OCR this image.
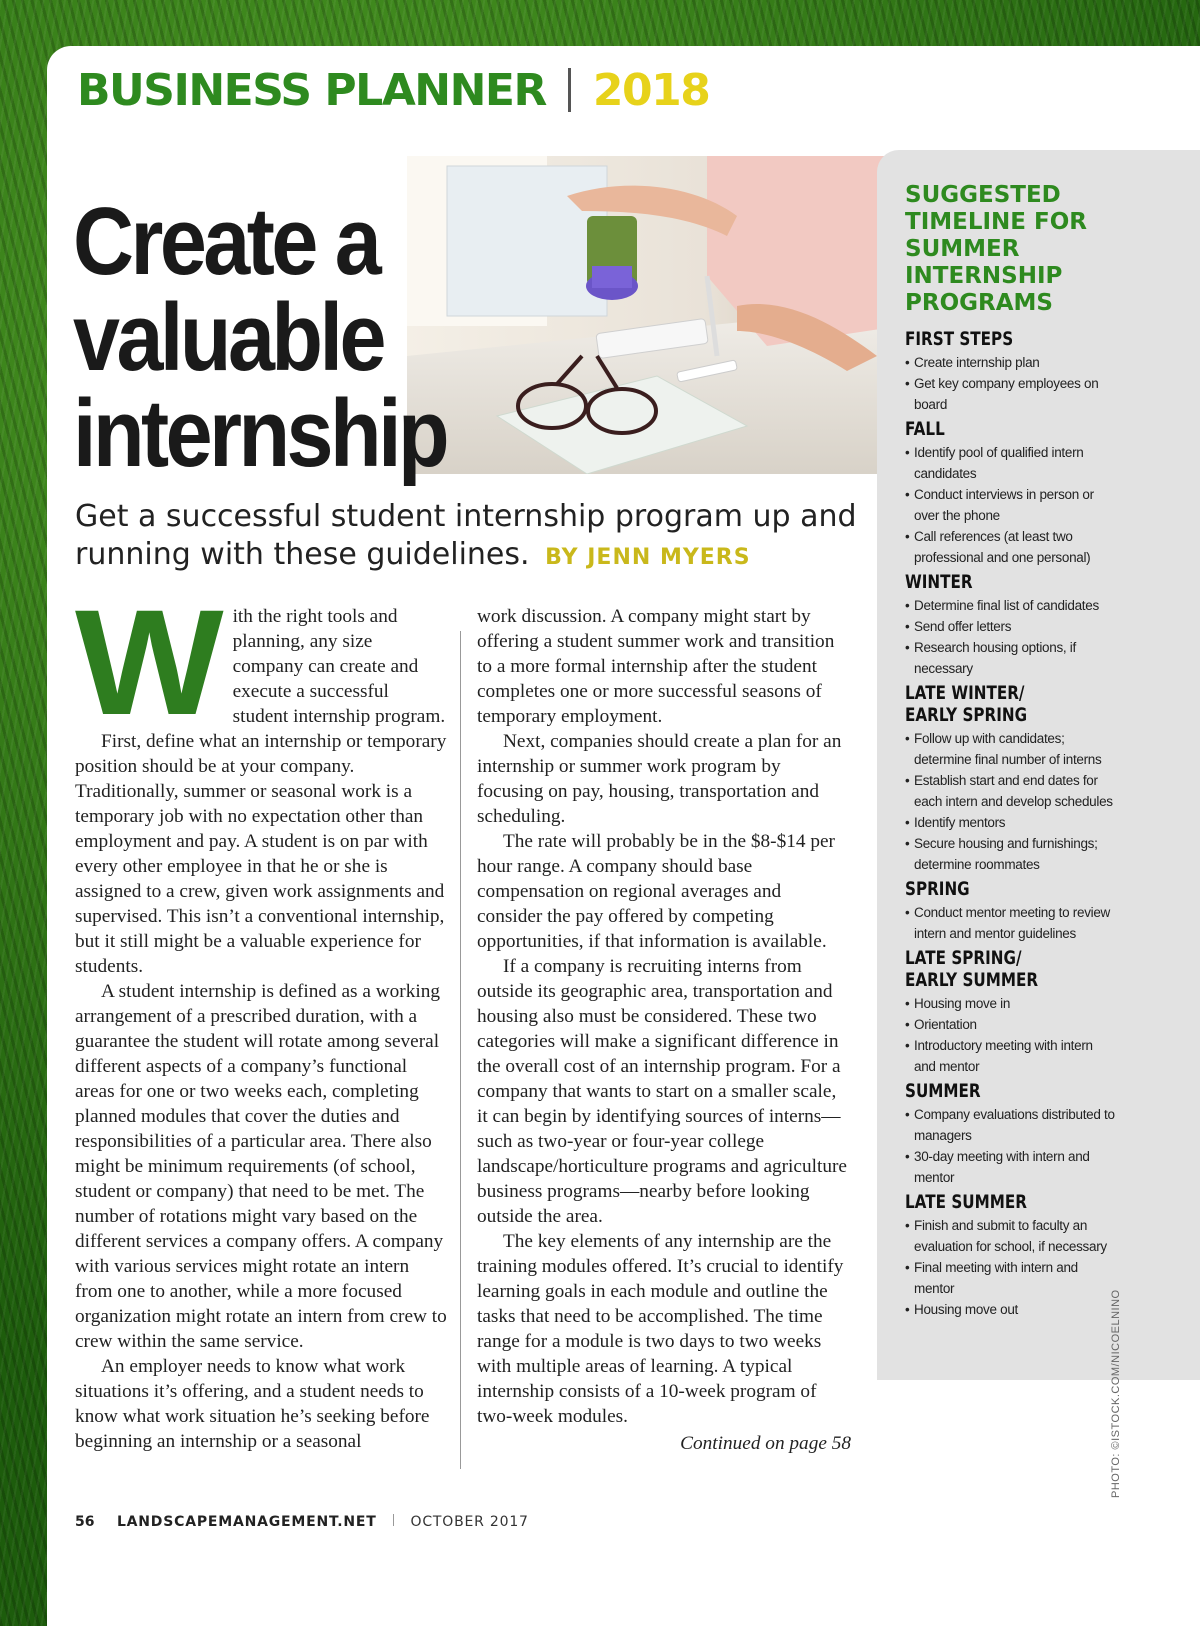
BUSINESS PLANNER 2018
Create a
valuable
internship
Get a successful student internship program up and running with these guidelines. BY JENN MYERS

With the right tools and planning, any size company can create and execute a successful student internship program.

First, define what an internship or temporary position should be at your company. Traditionally, summer or seasonal work is a temporary job with no expectation other than employment and pay. A student is on par with every other employee in that he or she is assigned to a crew, given work assignments and supervised. This isn’t a conventional internship, but it still might be a valuable experience for students.

A student internship is defined as a working arrangement of a prescribed duration, with a guarantee the student will rotate among several different aspects of a company’s functional areas for one or two weeks each, completing planned modules that cover the duties and responsibilities of a particular area. There also might be minimum requirements (of school, student or company) that need to be met. The number of rotations might vary based on the different services a company offers. A company with various services might rotate an intern from one to another, while a more focused organization might rotate an intern from crew to crew within the same service.

An employer needs to know what work situations it’s offering, and a student needs to know what work situation he’s seeking before beginning an internship or a seasonal

work discussion. A company might start by offering a student summer work and transition to a more formal internship after the student completes one or more successful seasons of temporary employment.

Next, companies should create a plan for an internship or summer work program by focusing on pay, housing, transportation and scheduling.

The rate will probably be in the $8-$14 per hour range. A company should base compensation on regional averages and consider the pay offered by competing opportunities, if that information is available.

If a company is recruiting interns from outside its geographic area, transportation and housing also must be considered. These two categories will make a significant difference in the overall cost of an internship program. For a company that wants to start on a smaller scale, it can begin by identifying sources of interns—such as two-year or four-year college landscape/horticulture programs and agriculture business programs—nearby before looking outside the area.

The key elements of any internship are the training modules offered. It’s crucial to identify learning goals in each module and outline the tasks that need to be accomplished. The time range for a module is two days to two weeks with multiple areas of learning. A typical internship consists of a 10-week program of two-week modules.

Continued on page 58
SUGGESTED TIMELINE FOR SUMMER INTERNSHIP PROGRAMS
FIRST STEPS
• Create internship plan
• Get key company employees on board
FALL
• Identify pool of qualified intern candidates
• Conduct interviews in person or over the phone
• Call references (at least two professional and one personal)
WINTER
• Determine final list of candidates
• Send offer letters
• Research housing options, if necessary
LATE WINTER/
EARLY SPRING
• Follow up with candidates; determine final number of interns
• Establish start and end dates for each intern and develop schedules
• Identify mentors
• Secure housing and furnishings; determine roommates
SPRING
• Conduct mentor meeting to review intern and mentor guidelines
LATE SPRING/
EARLY SUMMER
• Housing move in
• Orientation
• Introductory meeting with intern and mentor
SUMMER
• Company evaluations distributed to managers
• 30-day meeting with intern and mentor
LATE SUMMER
• Finish and submit to faculty an evaluation for school, if necessary
• Final meeting with intern and mentor
• Housing move out
56 LANDSCAPEMANAGEMENT.NET OCTOBER 2017
PHOTO: ©ISTOCK.COM/NICOELNINO
